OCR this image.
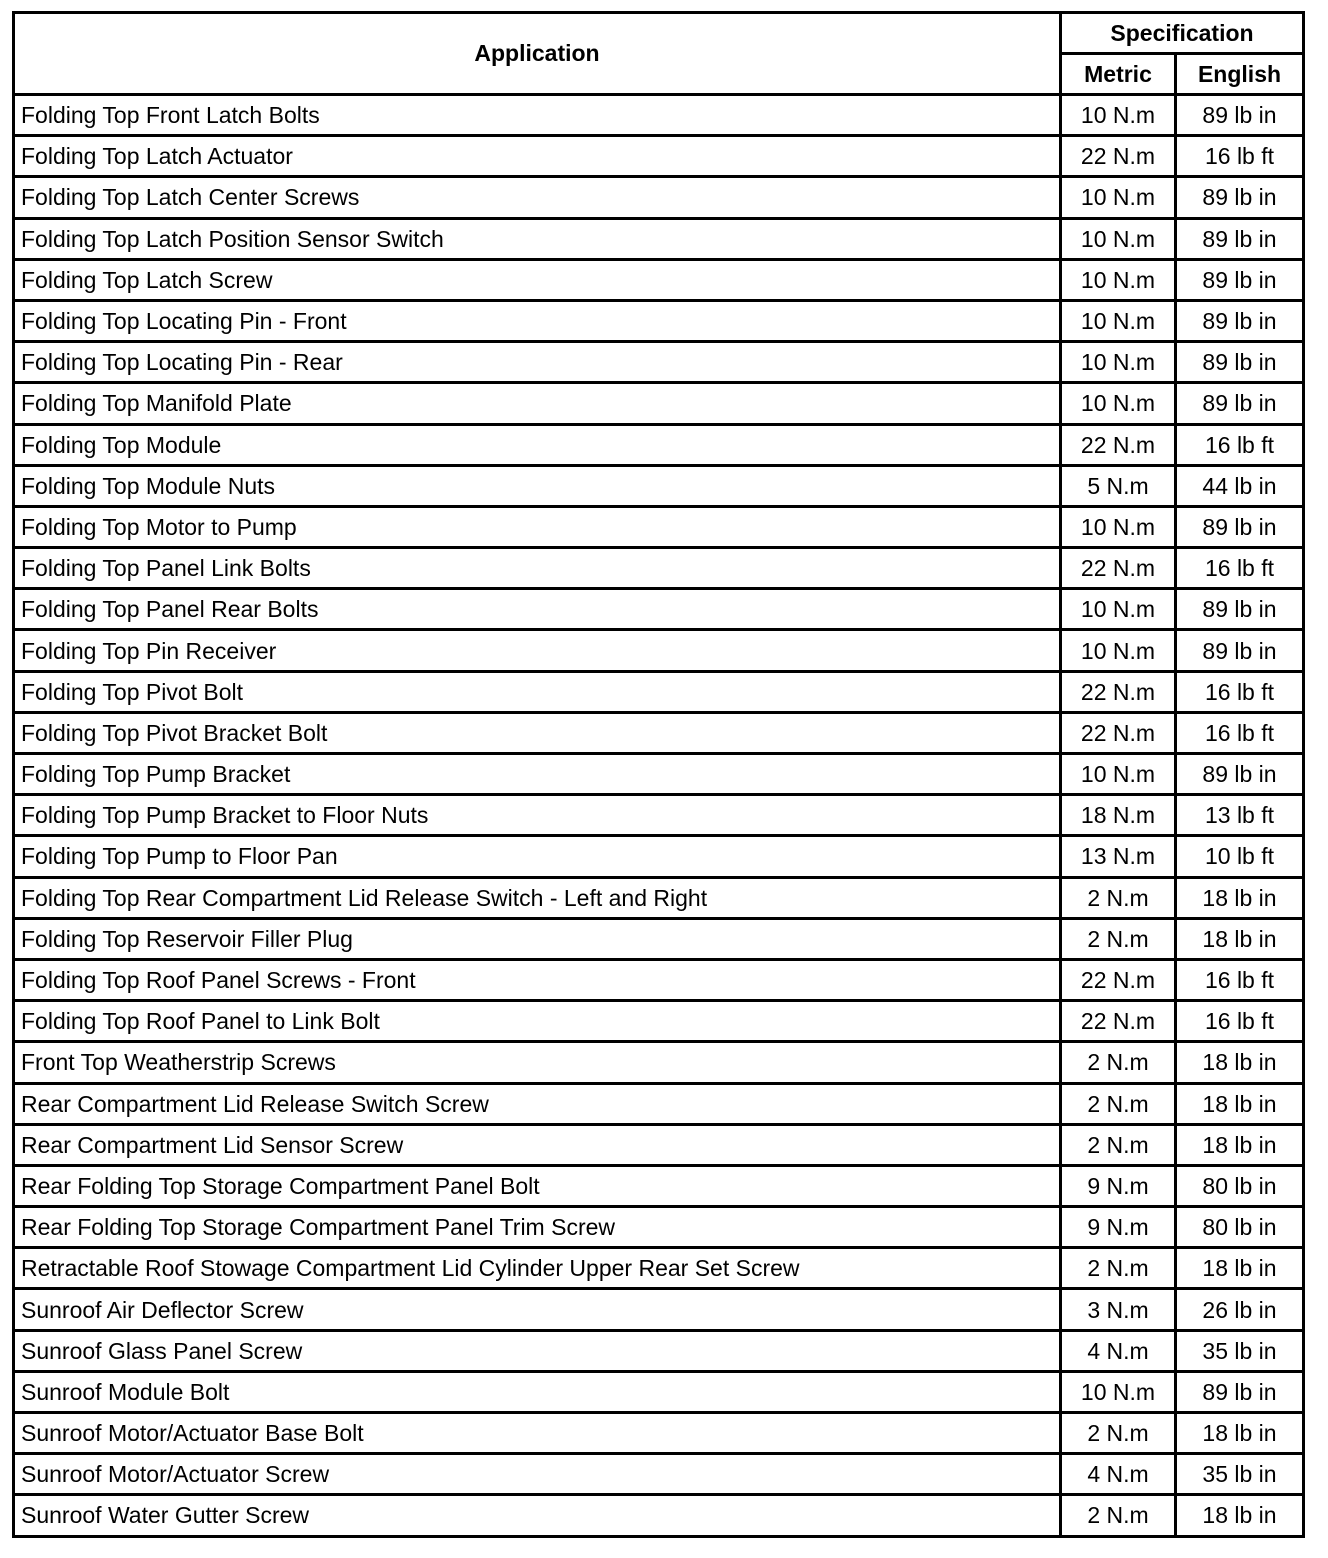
Application	Specification	
	Metric	English
Folding Top Front Latch Bolts	10 N.m	89 lb in
Folding Top Latch Actuator	22 N.m	16 lb ft
Folding Top Latch Center Screws	10 N.m	89 lb in
Folding Top Latch Position Sensor Switch	10 N.m	89 lb in
Folding Top Latch Screw	10 N.m	89 lb in
Folding Top Locating Pin - Front	10 N.m	89 lb in
Folding Top Locating Pin - Rear	10 N.m	89 lb in
Folding Top Manifold Plate	10 N.m	89 lb in
Folding Top Module	22 N.m	16 lb ft
Folding Top Module Nuts	5 N.m	44 lb in
Folding Top Motor to Pump	10 N.m	89 lb in
Folding Top Panel Link Bolts	22 N.m	16 lb ft
Folding Top Panel Rear Bolts	10 N.m	89 lb in
Folding Top Pin Receiver	10 N.m	89 lb in
Folding Top Pivot Bolt	22 N.m	16 lb ft
Folding Top Pivot Bracket Bolt	22 N.m	16 lb ft
Folding Top Pump Bracket	10 N.m	89 lb in
Folding Top Pump Bracket to Floor Nuts	18 N.m	13 lb ft
Folding Top Pump to Floor Pan	13 N.m	10 lb ft
Folding Top Rear Compartment Lid Release Switch - Left and Right	2 N.m	18 lb in
Folding Top Reservoir Filler Plug	2 N.m	18 lb in
Folding Top Roof Panel Screws - Front	22 N.m	16 lb ft
Folding Top Roof Panel to Link Bolt	22 N.m	16 lb ft
Front Top Weatherstrip Screws	2 N.m	18 lb in
Rear Compartment Lid Release Switch Screw	2 N.m	18 lb in
Rear Compartment Lid Sensor Screw	2 N.m	18 lb in
Rear Folding Top Storage Compartment Panel Bolt	9 N.m	80 lb in
Rear Folding Top Storage Compartment Panel Trim Screw	9 N.m	80 lb in
Retractable Roof Stowage Compartment Lid Cylinder Upper Rear Set Screw	2 N.m	18 lb in
Sunroof Air Deflector Screw	3 N.m	26 lb in
Sunroof Glass Panel Screw	4 N.m	35 lb in
Sunroof Module Bolt	10 N.m	89 lb in
Sunroof Motor/Actuator Base Bolt	2 N.m	18 lb in
Sunroof Motor/Actuator Screw	4 N.m	35 lb in
Sunroof Water Gutter Screw	2 N.m	18 lb in
